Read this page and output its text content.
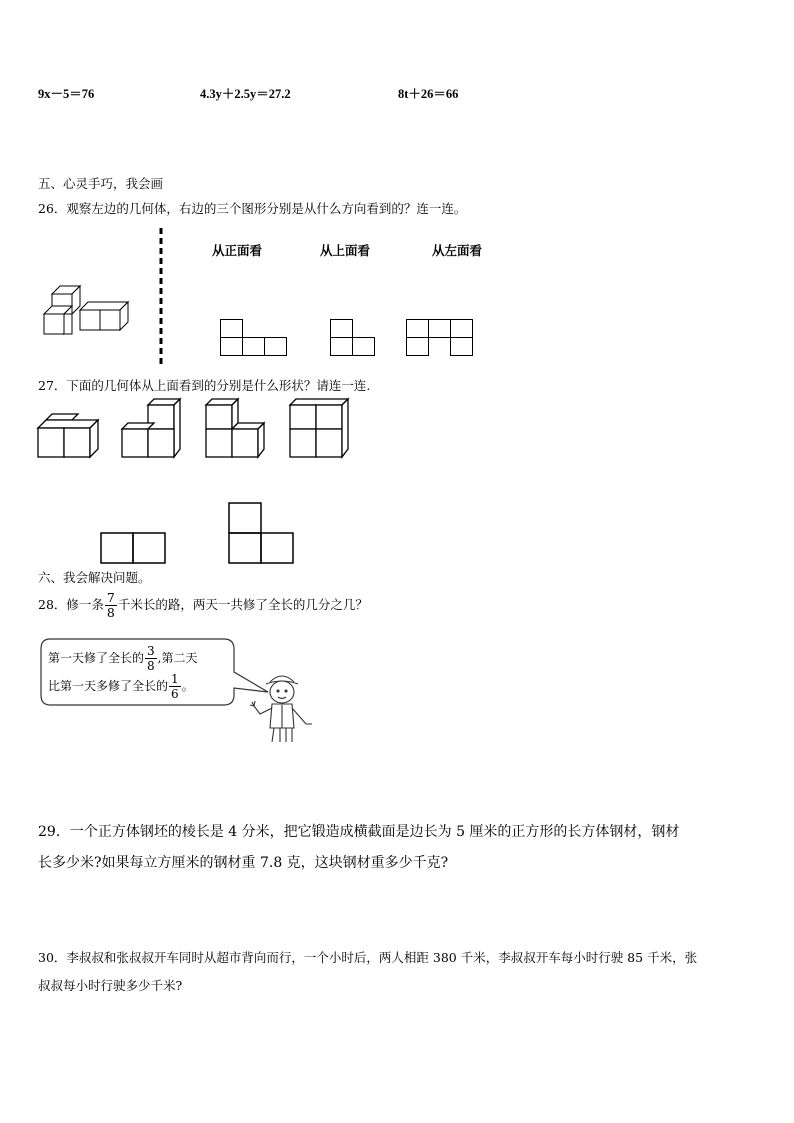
9x－5＝76	4.3y＋2.5y＝27.2	8t＋26＝66
五、心灵手巧，我会画
26．观察左边的几何体，右边的三个图形分别是从什么方向看到的？连一连。
从正面看	从上面看	从左面看
27．下面的几何体从上面看到的分别是什么形状？请连一连.
六、我会解决问题。
28．修一条 $\frac{7}{8}$ 千米长的路，两天一共修了全长的几分之几？
第一天修了全长的 $\frac{3}{8}$ ,第二天
比第一天多修了全长的 $\frac{1}{6}$ 。
29．一个正方体钢坯的棱长是 4 分米，把它锻造成横截面是边长为 5 厘米的正方形的长方体钢材，钢材
长多少米?如果每立方厘米的钢材重 7.8 克，这块钢材重多少千克?
30．李叔叔和张叔叔开车同时从超市背向而行，一个小时后，两人相距 380 千米，李叔叔开车每小时行驶 85 千米，张
叔叔每小时行驶多少千米?
